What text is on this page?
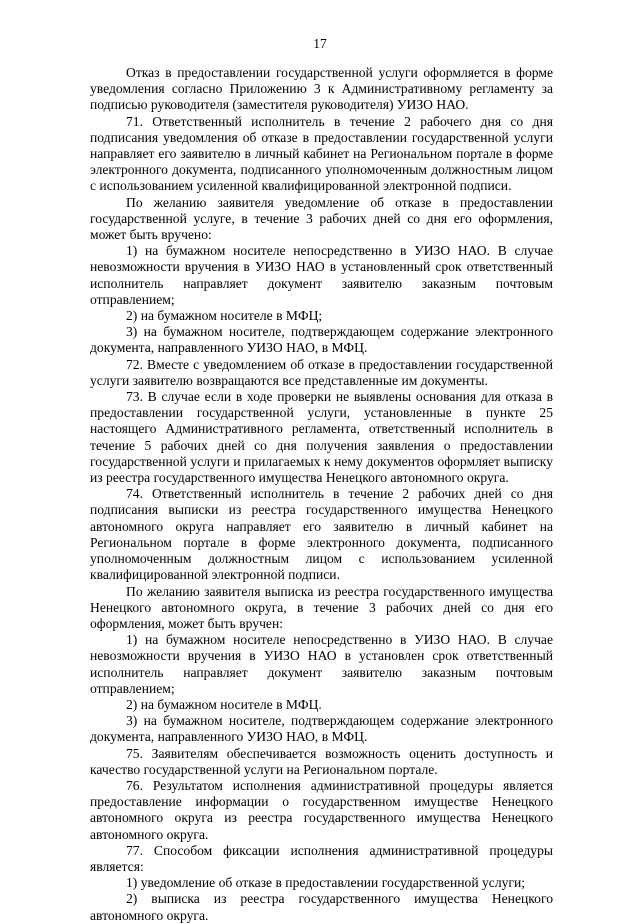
17

Отказ в предоставлении государственной услуги оформляется в форме уведомления согласно Приложению 3 к Административному регламенту за подписью руководителя (заместителя руководителя) УИЗО НАО.

71. Ответственный исполнитель в течение 2 рабочего дня со дня подписания уведомления об отказе в предоставлении государственной услуги направляет его заявителю в личный кабинет на Региональном портале в форме электронного документа, подписанного уполномоченным должностным лицом с использованием усиленной квалифицированной электронной подписи.

По желанию заявителя уведомление об отказе в предоставлении государственной услуге, в течение 3 рабочих дней со дня его оформления, может быть вручено:

1) на бумажном носителе непосредственно в УИЗО НАО. В случае невозможности вручения в УИЗО НАО в установленный срок ответственный исполнитель направляет документ заявителю заказным почтовым отправлением;

2) на бумажном носителе в МФЦ;

3) на бумажном носителе, подтверждающем содержание электронного документа, направленного УИЗО НАО, в МФЦ.

72. Вместе с уведомлением об отказе в предоставлении государственной услуги заявителю возвращаются все представленные им документы.

73. В случае если в ходе проверки не выявлены основания для отказа в предоставлении государственной услуги, установленные в пункте 25 настоящего Административного регламента, ответственный исполнитель в течение 5 рабочих дней со дня получения заявления о предоставлении государственной услуги и прилагаемых к нему документов оформляет выписку из реестра государственного имущества Ненецкого автономного округа.

74. Ответственный исполнитель в течение 2 рабочих дней со дня подписания выписки из реестра государственного имущества Ненецкого автономного округа направляет его заявителю в личный кабинет на Региональном портале в форме электронного документа, подписанного уполномоченным должностным лицом с использованием усиленной квалифицированной электронной подписи.

По желанию заявителя выписка из реестра государственного имущества Ненецкого автономного округа, в течение 3 рабочих дней со дня его оформления, может быть вручен:

1) на бумажном носителе непосредственно в УИЗО НАО. В случае невозможности вручения в УИЗО НАО в установлен срок ответственный исполнитель направляет документ заявителю заказным почтовым отправлением;

2) на бумажном носителе в МФЦ.

3) на бумажном носителе, подтверждающем содержание электронного документа, направленного УИЗО НАО, в МФЦ.

75. Заявителям обеспечивается возможность оценить доступность и качество государственной услуги на Региональном портале.

76. Результатом исполнения административной процедуры является предоставление информации о государственном имуществе Ненецкого автономного округа из реестра государственного имущества Ненецкого автономного округа.

77. Способом фиксации исполнения административной процедуры является:

1) уведомление об отказе в предоставлении государственной услуги;

2) выписка из реестра государственного имущества Ненецкого автономного округа.
